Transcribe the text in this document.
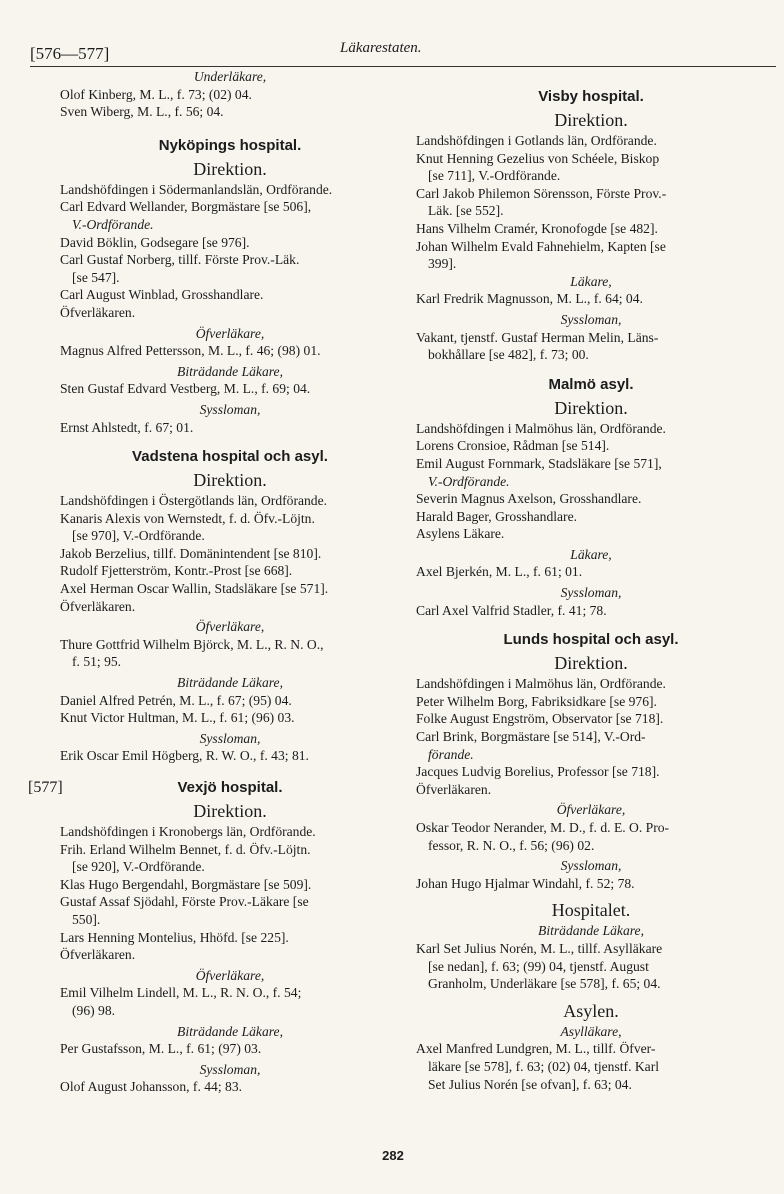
[576—577]	Läkarestaten.
Underläkare,
Olof Kinberg, M. L., f. 73; (02) 04.
Sven Wiberg, M. L., f. 56; 04.
Nyköpings hospital.
Direktion.
Landshöfdingen i Södermanlandslän, Ordförande.
Carl Edvard Wellander, Borgmästare [se 506],
V.-Ordförande.
David Böklin, Godsegare [se 976].
Carl Gustaf Norberg, tillf. Förste Prov.-Läk.
[se 547].
Carl August Winblad, Grosshandlare.
Öfverläkaren.
Öfverläkare,
Magnus Alfred Pettersson, M. L., f. 46; (98) 01.
Biträdande Läkare,
Sten Gustaf Edvard Vestberg, M. L., f. 69; 04.
Syssloman,
Ernst Ahlstedt, f. 67; 01.
Vadstena hospital och asyl.
Direktion.
Landshöfdingen i Östergötlands län, Ordförande.
Kanaris Alexis von Wernstedt, f. d. Öfv.-Löjtn.
[se 970], V.-Ordförande.
Jakob Berzelius, tillf. Domänintendent [se 810].
Rudolf Fjetterström, Kontr.-Prost [se 668].
Axel Herman Oscar Wallin, Stadsläkare [se 571].
Öfverläkaren.
Öfverläkare,
Thure Gottfrid Wilhelm Björck, M. L., R. N. O.,
f. 51; 95.
Biträdande Läkare,
Daniel Alfred Petrén, M. L., f. 67; (95) 04.
Knut Victor Hultman, M. L., f. 61; (96) 03.
Syssloman,
Erik Oscar Emil Högberg, R. W. O., f. 43; 81.
[577]	Vexjö hospital.
Direktion.
Landshöfdingen i Kronobergs län, Ordförande.
Frih. Erland Wilhelm Bennet, f. d. Öfv.-Löjtn.
[se 920], V.-Ordförande.
Klas Hugo Bergendahl, Borgmästare [se 509].
Gustaf Assaf Sjödahl, Förste Prov.-Läkare [se
550].
Lars Henning Montelius, Hhöfd. [se 225].
Öfverläkaren.
Öfverläkare,
Emil Vilhelm Lindell, M. L., R. N. O., f. 54;
(96) 98.
Biträdande Läkare,
Per Gustafsson, M. L., f. 61; (97) 03.
Syssloman,
Olof August Johansson, f. 44; 83.
Visby hospital.
Direktion.
Landshöfdingen i Gotlands län, Ordförande.
Knut Henning Gezelius von Schéele, Biskop
[se 711], V.-Ordförande.
Carl Jakob Philemon Sörensson, Förste Prov.-
Läk. [se 552].
Hans Vilhelm Cramér, Kronofogde [se 482].
Johan Wilhelm Evald Fahnehielm, Kapten [se
399].
Läkare,
Karl Fredrik Magnusson, M. L., f. 64; 04.
Syssloman,
Vakant, tjenstf. Gustaf Herman Melin, Läns-
bokhållare [se 482], f. 73; 00.
Malmö asyl.
Direktion.
Landshöfdingen i Malmöhus län, Ordförande.
Lorens Cronsioe, Rådman [se 514].
Emil August Fornmark, Stadsläkare [se 571],
V.-Ordförande.
Severin Magnus Axelson, Grosshandlare.
Harald Bager, Grosshandlare.
Asylens Läkare.
Läkare,
Axel Bjerkén, M. L., f. 61; 01.
Syssloman,
Carl Axel Valfrid Stadler, f. 41; 78.
Lunds hospital och asyl.
Direktion.
Landshöfdingen i Malmöhus län, Ordförande.
Peter Wilhelm Borg, Fabriksidkare [se 976].
Folke August Engström, Observator [se 718].
Carl Brink, Borgmästare [se 514], V.-Ord-
förande.
Jacques Ludvig Borelius, Professor [se 718].
Öfverläkaren.
Öfverläkare,
Oskar Teodor Nerander, M. D., f. d. E. O. Pro-
fessor, R. N. O., f. 56; (96) 02.
Syssloman,
Johan Hugo Hjalmar Windahl, f. 52; 78.
Hospitalet.
Biträdande Läkare,
Karl Set Julius Norén, M. L., tillf. Asylläkare
[se nedan], f. 63; (99) 04, tjenstf. August
Granholm, Underläkare [se 578], f. 65; 04.
Asylen.
Asylläkare,
Axel Manfred Lundgren, M. L., tillf. Öfver-
läkare [se 578], f. 63; (02) 04, tjenstf. Karl
Set Julius Norén [se ofvan], f. 63; 04.
282
